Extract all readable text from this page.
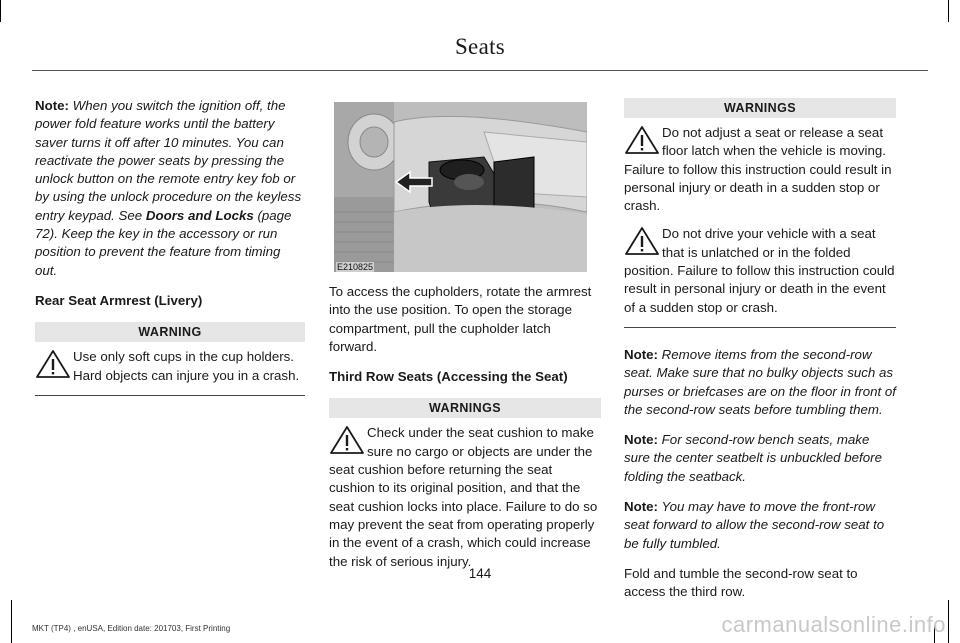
Seats

Note: When you switch the ignition off, the power fold feature works until the battery saver turns it off after 10 minutes. You can reactivate the power seats by pressing the unlock button on the remote entry key fob or by using the unlock procedure on the keyless entry keypad. See Doors and Locks (page 72). Keep the key in the accessory or run position to prevent the feature from timing out.

Rear Seat Armrest (Livery)

WARNING
Use only soft cups in the cup holders. Hard objects can injure you in a crash.
E210825

To access the cupholders, rotate the armrest into the use position. To open the storage compartment, pull the cupholder latch forward.

Third Row Seats (Accessing the Seat)

WARNINGS
Check under the seat cushion to make sure no cargo or objects are under the seat cushion before returning the seat cushion to its original position, and that the seat cushion locks into place. Failure to do so may prevent the seat from operating properly in the event of a crash, which could increase the risk of serious injury.
WARNINGS
Do not adjust a seat or release a seat floor latch when the vehicle is moving. Failure to follow this instruction could result in personal injury or death in a sudden stop or crash.
Do not drive your vehicle with a seat that is unlatched or in the folded position. Failure to follow this instruction could result in personal injury or death in the event of a sudden stop or crash.

Note: Remove items from the second-row seat. Make sure that no bulky objects such as purses or briefcases are on the floor in front of the second-row seats before tumbling them.

Note: For second-row bench seats, make sure the center seatbelt is unbuckled before folding the seatback.

Note: You may have to move the front-row seat forward to allow the second-row seat to be fully tumbled.

Fold and tumble the second-row seat to access the third row.

144
MKT (TP4) , enUSA, Edition date: 201703, First Printing	carmanualsonline.info
